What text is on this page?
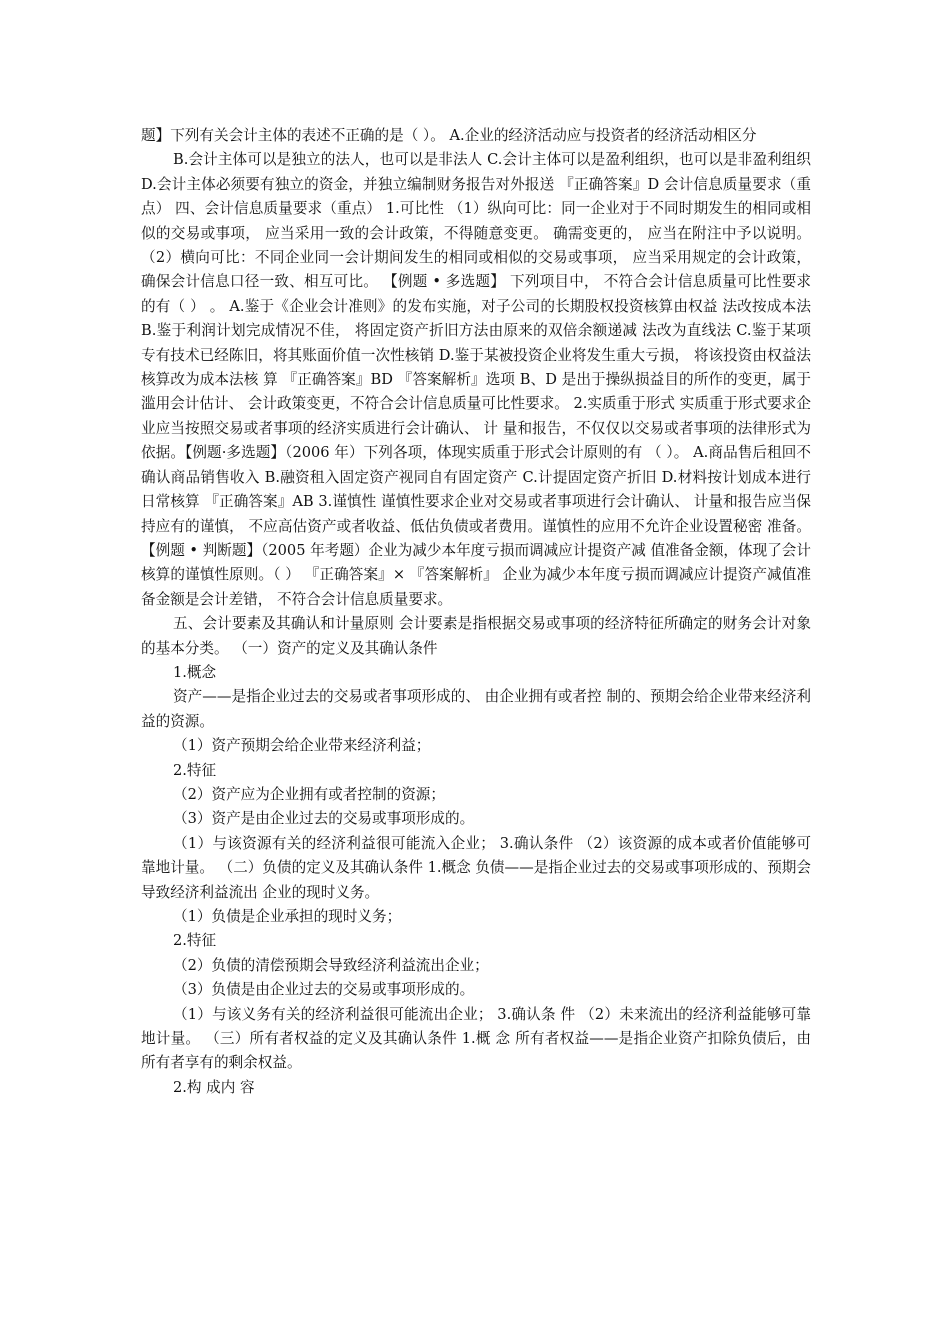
题】下列有关会计主体的表述不正确的是（ ）。 A.企业的经济活动应与投资者的经济活动相区分

B.会计主体可以是独立的法人，也可以是非法人 C.会计主体可以是盈利组织，也可以是非盈利组织 D.会计主体必须要有独立的资金，并独立编制财务报告对外报送 『正确答案』D 会计信息质量要求（重点） 四、会计信息质量要求（重点） 1.可比性 （1）纵向可比：同一企业对于不同时期发生的相同或相似的交易或事项， 应当采用一致的会计政策，不得随意变更。 确需变更的， 应当在附注中予以说明。 （2）横向可比：不同企业同一会计期间发生的相同或相似的交易或事项， 应当采用规定的会计政策，确保会计信息口径一致、相互可比。 【例题 • 多选题】 下列项目中， 不符合会计信息质量可比性要求的有（ ） 。 A.鉴于《企业会计准则》的发布实施，对子公司的长期股权投资核算由权益 法改按成本法 B.鉴于利润计划完成情况不佳， 将固定资产折旧方法由原来的双倍余额递减 法改为直线法 C.鉴于某项专有技术已经陈旧，将其账面价值一次性核销 D.鉴于某被投资企业将发生重大亏损， 将该投资由权益法核算改为成本法核 算 『正确答案』BD 『答案解析』选项 B、D 是出于操纵损益目的所作的变更，属于滥用会计估计、 会计政策变更，不符合会计信息质量可比性要求。 2.实质重于形式 实质重于形式要求企业应当按照交易或者事项的经济实质进行会计确认、 计 量和报告，不仅仅以交易或者事项的法律形式为依据。【例题·多选题】（2006 年）下列各项，体现实质重于形式会计原则的有 （ ）。 A.商品售后租回不确认商品销售收入 B.融资租入固定资产视同自有固定资产 C.计提固定资产折旧 D.材料按计划成本进行日常核算 『正确答案』AB 3.谨慎性 谨慎性要求企业对交易或者事项进行会计确认、 计量和报告应当保持应有的谨慎， 不应高估资产或者收益、低估负债或者费用。谨慎性的应用不允许企业设置秘密 准备。 【例题 • 判断题】（2005 年考题）企业为减少本年度亏损而调减应计提资产减 值准备金额，体现了会计核算的谨慎性原则。（ ） 『正确答案』× 『答案解析』 企业为减少本年度亏损而调减应计提资产减值准备金额是会计差错， 不符合会计信息质量要求。

五、会计要素及其确认和计量原则 会计要素是指根据交易或事项的经济特征所确定的财务会计对象的基本分类。 （一）资产的定义及其确认条件

1.概念

资产——是指企业过去的交易或者事项形成的、 由企业拥有或者控 制的、预期会给企业带来经济利益的资源。

（1）资产预期会给企业带来经济利益；

2.特征

（2）资产应为企业拥有或者控制的资源；

（3）资产是由企业过去的交易或事项形成的。

（1）与该资源有关的经济利益很可能流入企业； 3.确认条件 （2）该资源的成本或者价值能够可靠地计量。 （二）负债的定义及其确认条件 1.概念 负债——是指企业过去的交易或事项形成的、预期会导致经济利益流出 企业的现时义务。

（1）负债是企业承担的现时义务；

2.特征

（2）负债的清偿预期会导致经济利益流出企业；

（3）负债是由企业过去的交易或事项形成的。

（1）与该义务有关的经济利益很可能流出企业； 3.确认条 件 （2）未来流出的经济利益能够可靠地计量。 （三）所有者权益的定义及其确认条件 1.概 念 所有者权益——是指企业资产扣除负债后，由所有者享有的剩余权益。

2.构 成内 容
